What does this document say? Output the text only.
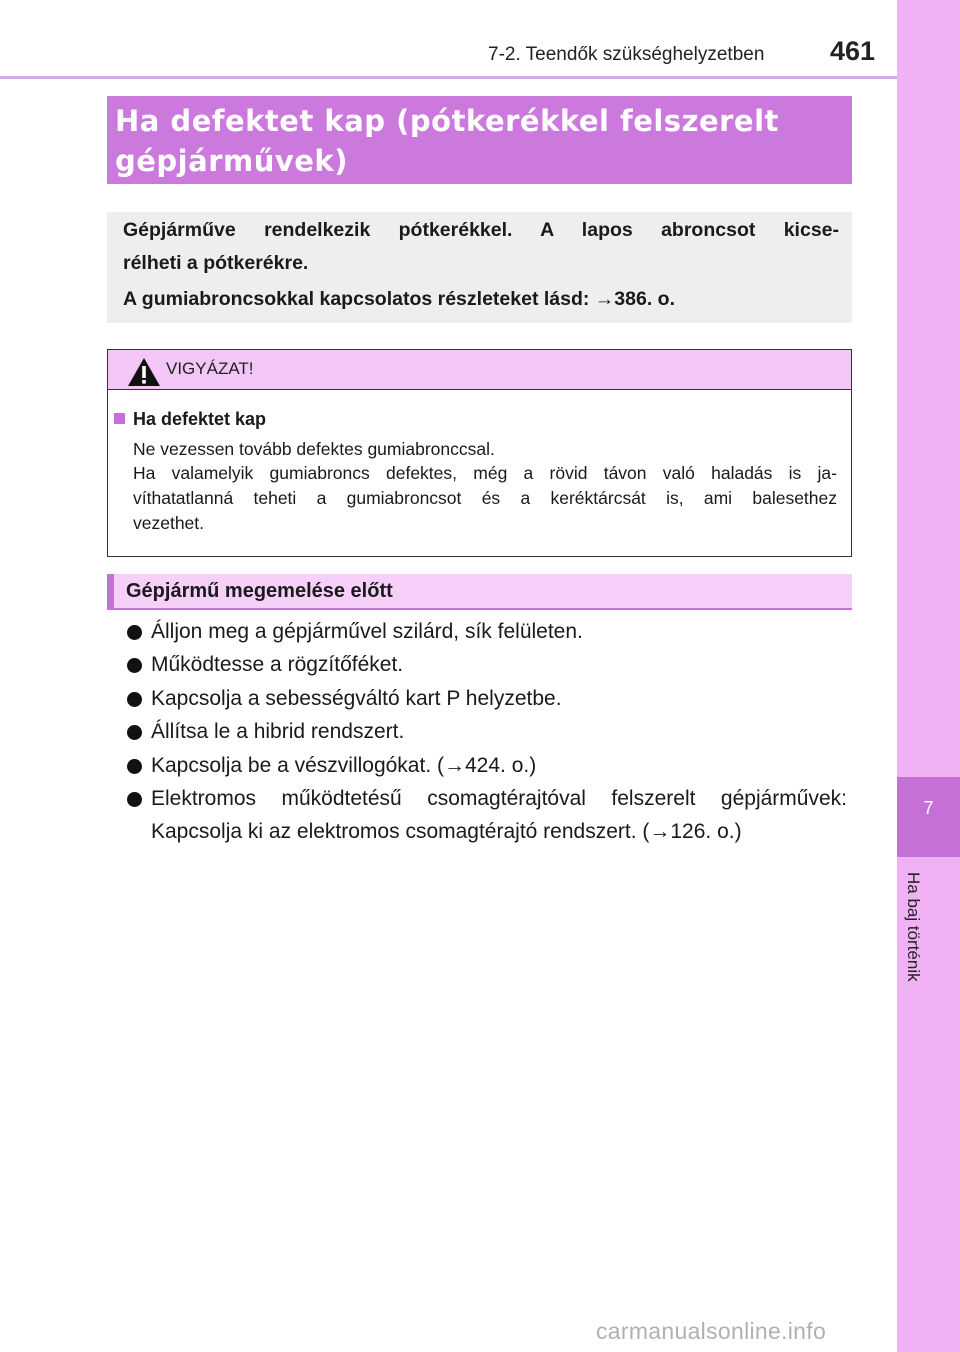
7-2. Teendők szükséghelyzetben 461
7
Ha baj történik
Ha defektet kap (pótkerékkel felszerelt
gépjárművek)
Gépjárműve rendelkezik pótkerékkel. A lapos abroncsot kicse-
rélheti a pótkerékre.
A gumiabroncsokkal kapcsolatos részleteket lásd: →386. o.
VIGYÁZAT!
Ha defektet kap
Ne vezessen tovább defektes gumiabronccsal.
Ha valamelyik gumiabroncs defektes, még a rövid távon való haladás is ja-
víthatatlanná teheti a gumiabroncsot és a keréktárcsát is, ami balesethez
vezethet.
Gépjármű megemelése előtt
Álljon meg a gépjárművel szilárd, sík felületen.
Működtesse a rögzítőféket.
Kapcsolja a sebességváltó kart P helyzetbe.
Állítsa le a hibrid rendszert.
Kapcsolja be a vészvillogókat. (→424. o.)
Elektromos működtetésű csomagtérajtóval felszerelt gépjárművek:
Kapcsolja ki az elektromos csomagtérajtó rendszert. (→126. o.)
carmanualsonline.info
